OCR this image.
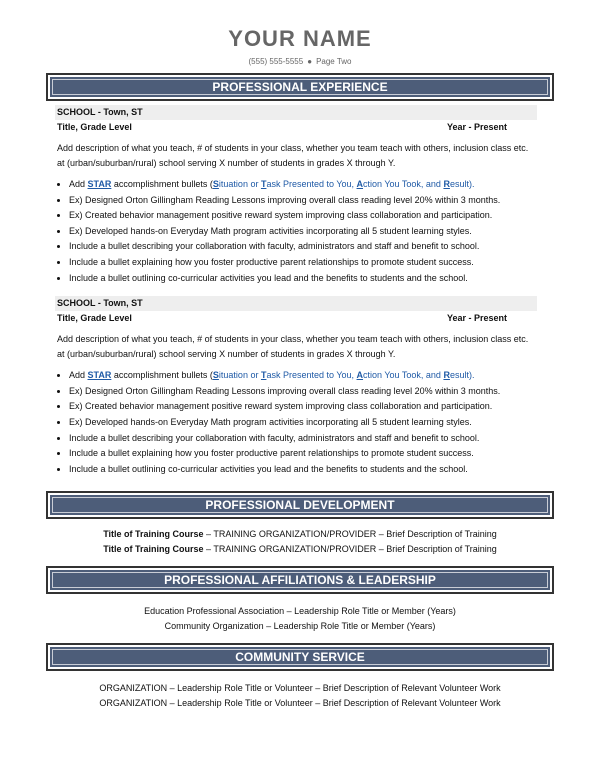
YOUR NAME
(555) 555-5555 ● Page Two
PROFESSIONAL EXPERIENCE
SCHOOL - Town, ST
Title, Grade Level	Year - Present
Add description of what you teach, # of students in your class, whether you team teach with others, inclusion class etc. at (urban/suburban/rural) school serving X number of students in grades X through Y.
• Add STAR accomplishment bullets (Situation or Task Presented to You, Action You Took, and Result).
• Ex) Designed Orton Gillingham Reading Lessons improving overall class reading level 20% within 3 months.
• Ex) Created behavior management positive reward system improving class collaboration and participation.
• Ex) Developed hands-on Everyday Math program activities incorporating all 5 student learning styles.
• Include a bullet describing your collaboration with faculty, administrators and staff and benefit to school.
• Include a bullet explaining how you foster productive parent relationships to promote student success.
• Include a bullet outlining co-curricular activities you lead and the benefits to students and the school.
SCHOOL - Town, ST
Title, Grade Level	Year - Present
Add description of what you teach, # of students in your class, whether you team teach with others, inclusion class etc. at (urban/suburban/rural) school serving X number of students in grades X through Y.
• Add STAR accomplishment bullets (Situation or Task Presented to You, Action You Took, and Result).
• Ex) Designed Orton Gillingham Reading Lessons improving overall class reading level 20% within 3 months.
• Ex) Created behavior management positive reward system improving class collaboration and participation.
• Ex) Developed hands-on Everyday Math program activities incorporating all 5 student learning styles.
• Include a bullet describing your collaboration with faculty, administrators and staff and benefit to school.
• Include a bullet explaining how you foster productive parent relationships to promote student success.
• Include a bullet outlining co-curricular activities you lead and the benefits to students and the school.
PROFESSIONAL DEVELOPMENT
Title of Training Course – TRAINING ORGANIZATION/PROVIDER – Brief Description of Training
Title of Training Course – TRAINING ORGANIZATION/PROVIDER – Brief Description of Training
PROFESSIONAL AFFILIATIONS & LEADERSHIP
Education Professional Association – Leadership Role Title or Member (Years)
Community Organization – Leadership Role Title or Member (Years)
COMMUNITY SERVICE
ORGANIZATION – Leadership Role Title or Volunteer – Brief Description of Relevant Volunteer Work
ORGANIZATION – Leadership Role Title or Volunteer – Brief Description of Relevant Volunteer Work
